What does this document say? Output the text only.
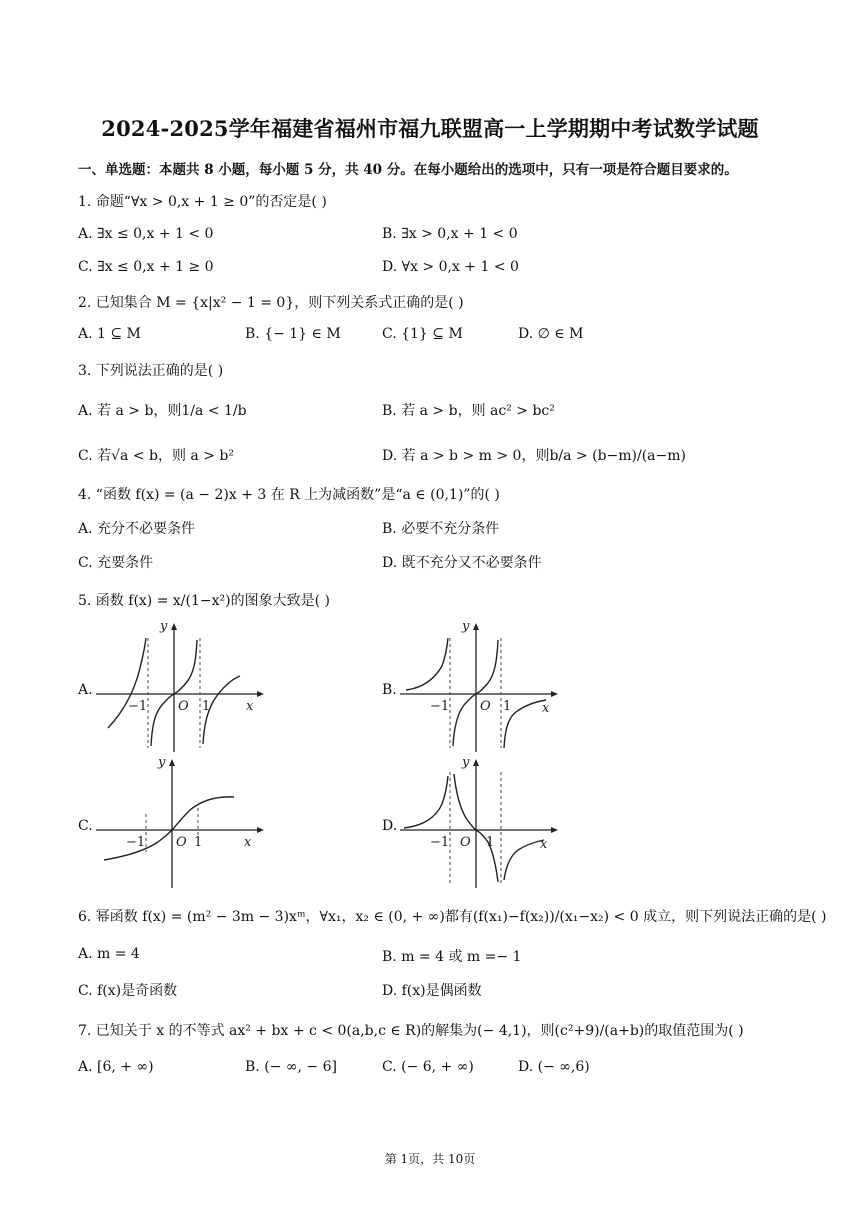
2024-2025学年福建省福州市福九联盟高一上学期期中考试数学试题
一、单选题：本题共 8 小题，每小题 5 分，共 40 分。在每小题给出的选项中，只有一项是符合题目要求的。
1. 命题“∀x > 0,x + 1 ≥ 0”的否定是( )
A. ∃x ≤ 0,x + 1 < 0	B. ∃x > 0,x + 1 < 0
C. ∃x ≤ 0,x + 1 ≥ 0	D. ∀x > 0,x + 1 < 0
2. 已知集合 M = {x|x² − 1 = 0}，则下列关系式正确的是( )
A. 1 ⊆ M	B. {− 1} ∈ M	C. {1} ⊆ M	D. ∅ ∈ M
3. 下列说法正确的是( )
A. 若 a > b，则1/a < 1/b	B. 若 a > b，则 ac² > bc²
C. 若√a < b，则 a > b²	D. 若 a > b > m > 0，则b/a > (b−m)/(a−m)
4. “函数 f(x) = (a − 2)x + 3 在 R 上为减函数”是“a ∈ (0,1)”的( )
A. 充分不必要条件	B. 必要不充分条件
C. 充要条件	D. 既不充分又不必要条件
5. 函数 f(x) = x/(1−x²)的图象大致是( )
A.
y
x
O
−1	1
B.
y
x
O
−1	1
C.
y
x
O
−1	1
D.
y
x
O
−1	1
6. 幂函数 f(x) = (m² − 3m − 3)xᵐ，∀x₁，x₂ ∈ (0, + ∞)都有(f(x₁)−f(x₂))/(x₁−x₂) < 0 成立，则下列说法正确的是( )
A. m = 4	B. m = 4 或 m =− 1
C. f(x)是奇函数	D. f(x)是偶函数
7. 已知关于 x 的不等式 ax² + bx + c < 0(a,b,c ∈ R)的解集为(− 4,1)，则(c²+9)/(a+b)的取值范围为( )
A. [6, + ∞)	B. (− ∞, − 6]	C. (− 6, + ∞)	D. (− ∞,6)
第 1页，共 10页
